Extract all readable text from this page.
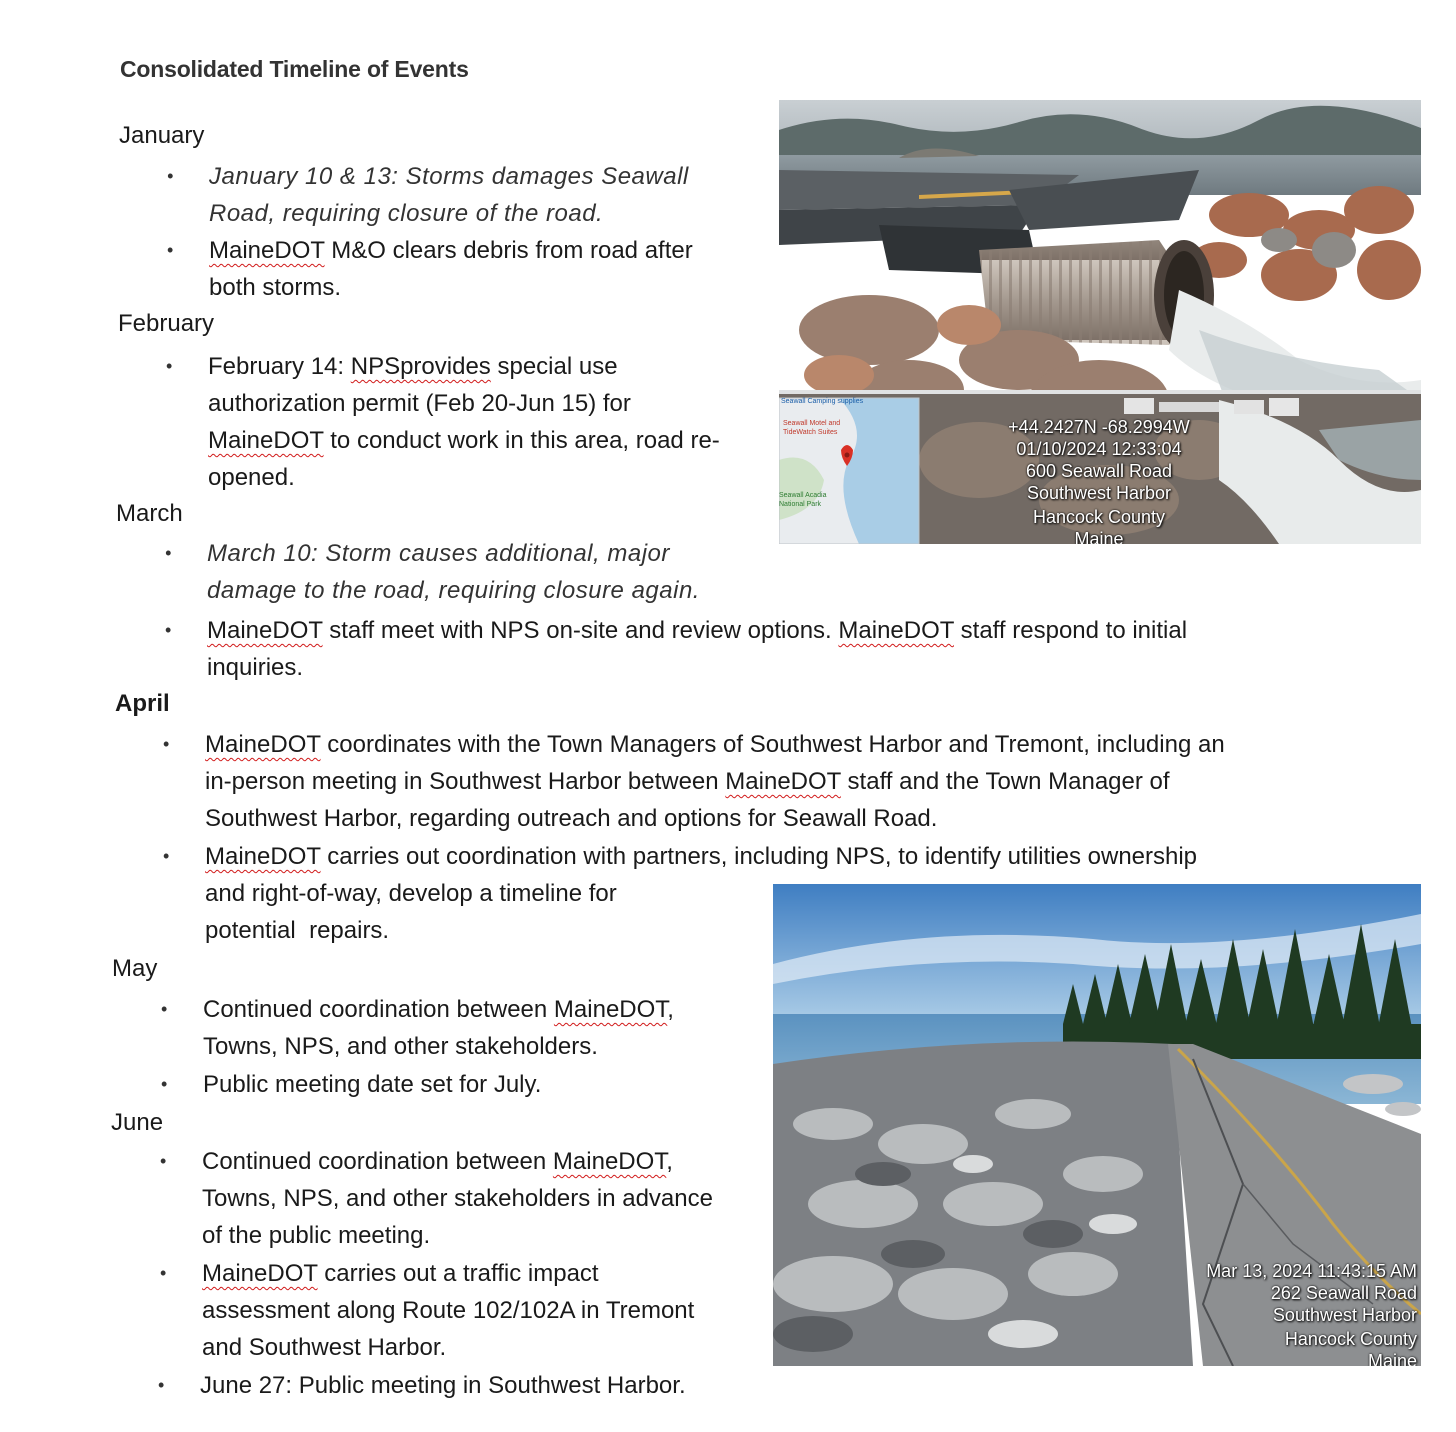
Consolidated Timeline of Events
January
• January 10 & 13: Storms damages Seawall
Road, requiring closure of the road.
• MaineDOT M&O clears debris from road after
both storms.
February
• February 14: NPSprovides special use
authorization permit (Feb 20-Jun 15) for
MaineDOT to conduct work in this area, road re-
opened.
March
• March 10: Storm causes additional, major
damage to the road, requiring closure again.
• MaineDOT staff meet with NPS on-site and review options. MaineDOT staff respond to initial
inquiries.
April
• MaineDOT coordinates with the Town Managers of Southwest Harbor and Tremont, including an
in-person meeting in Southwest Harbor between MaineDOT staff and the Town Manager of
Southwest Harbor, regarding outreach and options for Seawall Road.
• MaineDOT carries out coordination with partners, including NPS, to identify utilities ownership
and right-of-way, develop a timeline for
potential  repairs.
May
• Continued coordination between MaineDOT,
Towns, NPS, and other stakeholders.
• Public meeting date set for July.
June
• Continued coordination between MaineDOT,
Towns, NPS, and other stakeholders in advance
of the public meeting.
• MaineDOT carries out a traffic impact
assessment along Route 102/102A in Tremont
and Southwest Harbor.
• June 27: Public meeting in Southwest Harbor.
Seawall Camping supplies
Seawall Motel and
TideWatch Suites
Seawall Acadia
National Park
+44.2427N -68.2994W
01/10/2024 12:33:04
600 Seawall Road
Southwest Harbor
Hancock County
Maine
Mar 13, 2024 11:43:15 AM
262 Seawall Road
Southwest Harbor
Hancock County
Maine
